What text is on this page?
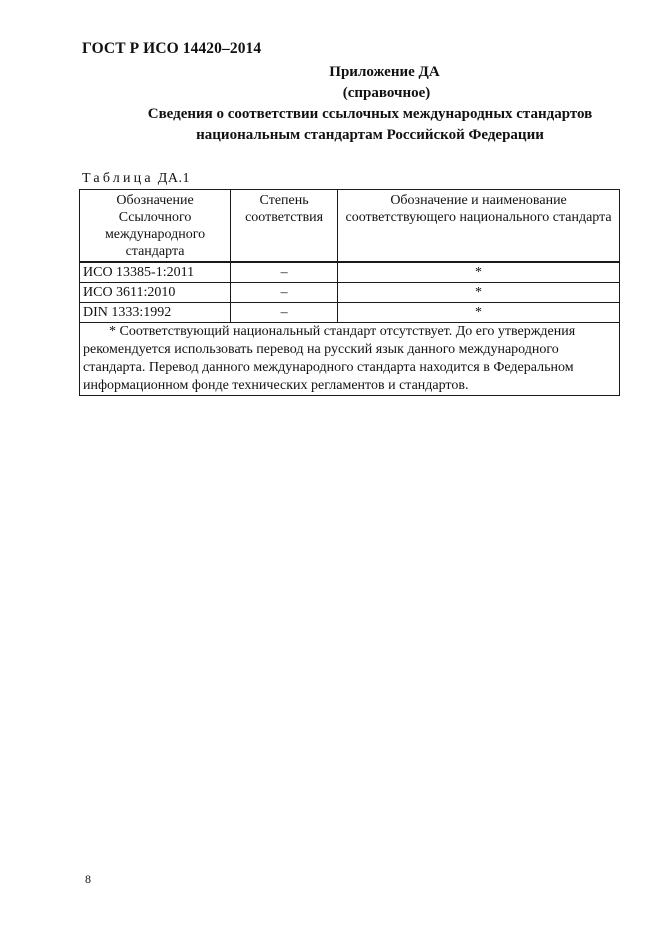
ГОСТ Р ИСО 14420–2014
Приложение ДА
(справочное)
Сведения о соответствии ссылочных международных стандартов
национальным стандартам Российской Федерации
Таблица ДА.1
Обозначение Ссылочного международного стандарта	Степень соответствия	Обозначение и наименование соответствующего национального стандарта
ИСО 13385-1:2011	–	*
ИСО 3611:2010	–	*
DIN 1333:1992	–	*
* Соответствующий национальный стандарт отсутствует. До его утверждения рекомендуется использовать перевод на русский язык данного международного стандарта. Перевод данного международного стандарта находится в Федеральном информационном фонде технических регламентов и стандартов.		
8
